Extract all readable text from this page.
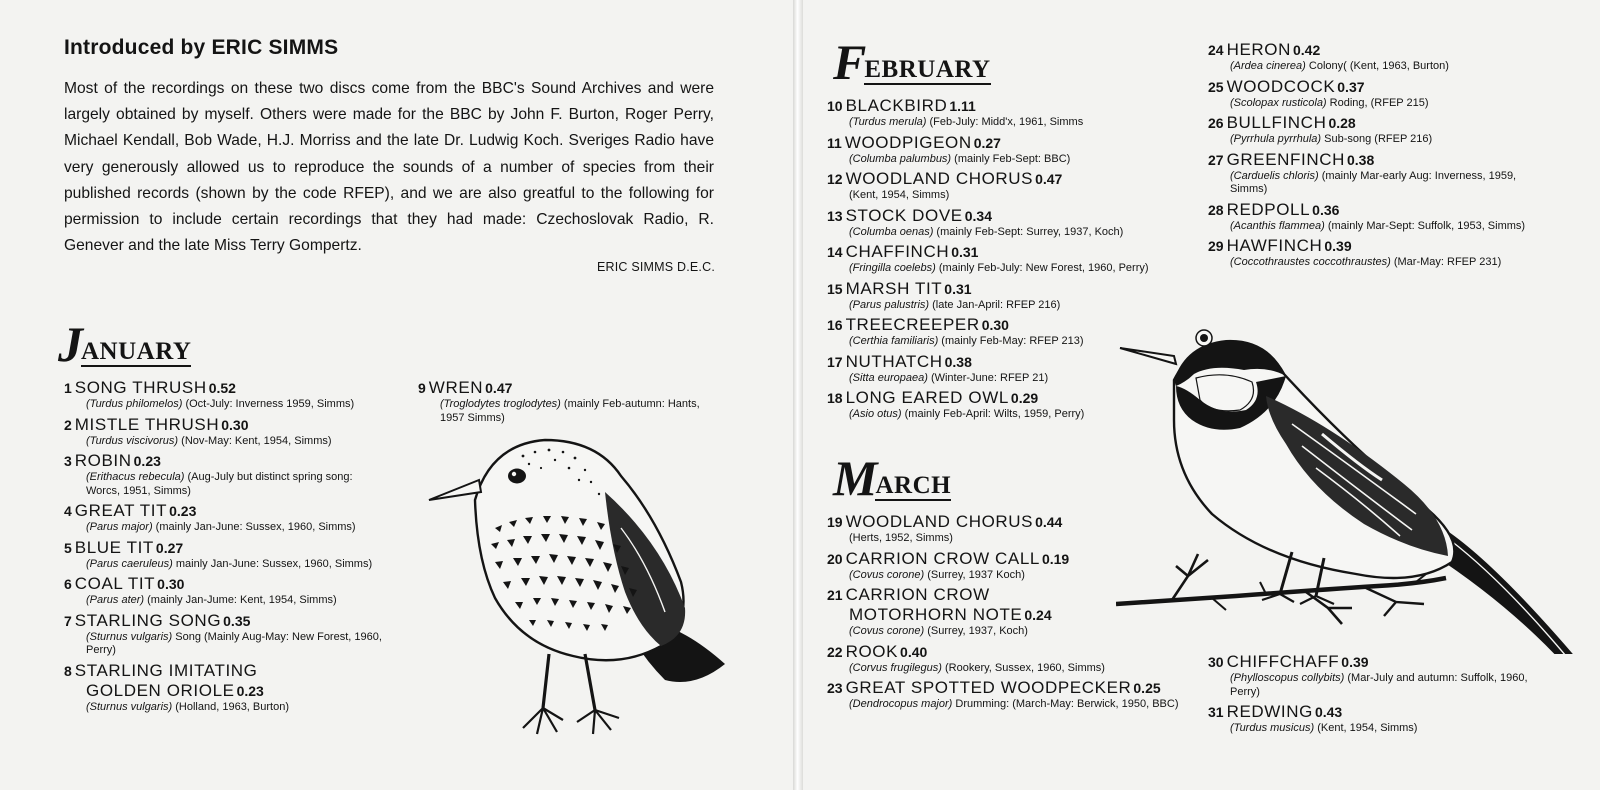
Introduced by ERIC SIMMS

Most of the recordings on these two discs come from the BBC's Sound Archives and were largely obtained by myself. Others were made for the BBC by John F. Burton, Roger Perry, Michael Kendall, Bob Wade, H.J. Morriss and the late Dr. Ludwig Koch. Sveriges Radio have very generously allowed us to reproduce the sounds of a number of species from their published records (shown by the code RFEP), and we are also greatful to the following for permission to include certain recordings that they had made: Czechoslovak Radio, R. Genever and the late Miss Terry Gompertz.

ERIC SIMMS D.E.C.
J
ANUARY
1 SONG THRUSH 0.52
(Turdus philomelos) (Oct-July: Inverness 1959, Simms)
2 MISTLE THRUSH 0.30
(Turdus viscivorus) (Nov-May: Kent, 1954, Simms)
3 ROBIN 0.23
(Erithacus rebecula) (Aug-July but distinct spring song: Worcs, 1951, Simms)
4 GREAT TIT 0.23
(Parus major) (mainly Jan-June: Sussex, 1960, Simms)
5 BLUE TIT 0.27
(Parus caeruleus) mainly Jan-June: Sussex, 1960, Simms)
6 COAL TIT 0.30
(Parus ater) (mainly Jan-Jume: Kent, 1954, Simms)
7 STARLING SONG 0.35
(Sturnus vulgaris) Song (Mainly Aug-May: New Forest, 1960, Perry)
8 STARLING IMITATING
GOLDEN ORIOLE 0.23
(Sturnus vulgaris) (Holland, 1963, Burton)
9 WREN 0.47
(Troglodytes troglodytes) (mainly Feb-autumn: Hants, 1957 Simms)
F
EBRUARY
M
ARCH
10 BLACKBIRD 1.11
(Turdus merula) (Feb-July: Midd'x, 1961, Simms
11 WOODPIGEON 0.27
(Columba palumbus) (mainly Feb-Sept: BBC)
12 WOODLAND CHORUS 0.47
(Kent, 1954, Simms)
13 STOCK DOVE 0.34
(Columba oenas) (mainly Feb-Sept: Surrey, 1937, Koch)
14 CHAFFINCH 0.31
(Fringilla coelebs) (mainly Feb-July: New Forest, 1960, Perry)
15 MARSH TIT 0.31
(Parus palustris) (late Jan-April: RFEP 216)
16 TREECREEPER 0.30
(Certhia familiaris) (mainly Feb-May: RFEP 213)
17 NUTHATCH 0.38
(Sitta europaea) (Winter-June: RFEP 21)
18 LONG EARED OWL 0.29
(Asio otus) (mainly Feb-April: Wilts, 1959, Perry)
19 WOODLAND CHORUS 0.44
(Herts, 1952, Simms)
20 CARRION CROW CALL 0.19
(Covus corone) (Surrey, 1937 Koch)
21 CARRION CROW
MOTORHORN NOTE 0.24
(Covus corone) (Surrey, 1937, Koch)
22 ROOK 0.40
(Corvus frugilegus) (Rookery, Sussex, 1960, Simms)
23 GREAT SPOTTED WOODPECKER 0.25
(Dendrocopus major) Drumming: (March-May: Berwick, 1950, BBC)
24 HERON 0.42
(Ardea cinerea) Colony( (Kent, 1963, Burton)
25 WOODCOCK 0.37
(Scolopax rusticola) Roding, (RFEP 215)
26 BULLFINCH 0.28
(Pyrrhula pyrrhula) Sub-song (RFEP 216)
27 GREENFINCH 0.38
(Carduelis chloris) (mainly Mar-early Aug: Inverness, 1959, Simms)
28 REDPOLL 0.36
(Acanthis flammea) (mainly Mar-Sept: Suffolk, 1953, Simms)
29 HAWFINCH 0.39
(Coccothraustes coccothraustes) (Mar-May: RFEP 231)
30 CHIFFCHAFF 0.39
(Phylloscopus collybits) (Mar-July and autumn: Suffolk, 1960, Perry)
31 REDWING 0.43
(Turdus musicus) (Kent, 1954, Simms)
